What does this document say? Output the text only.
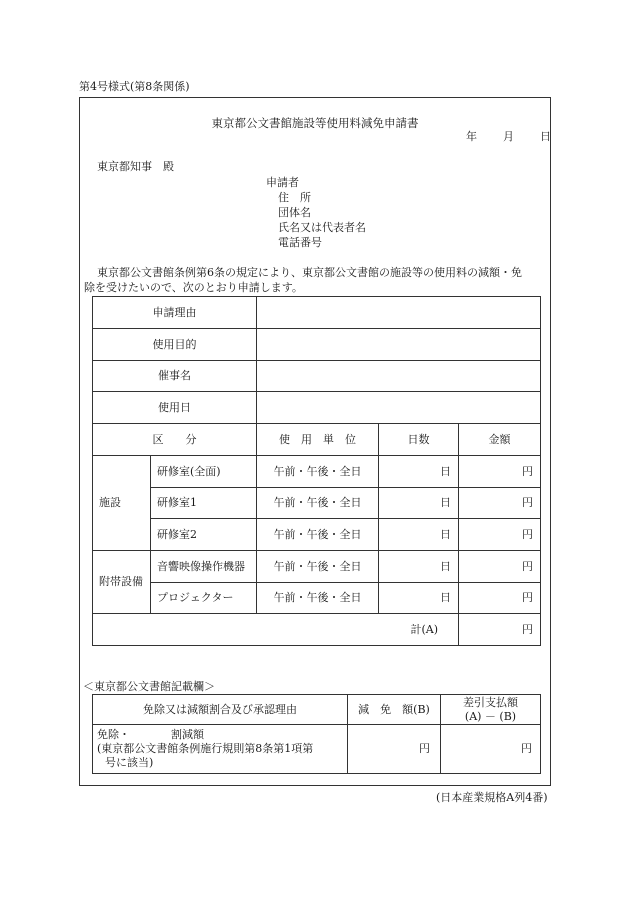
第4号様式(第8条関係)
東京都公文書館施設等使用料減免申請書
年 月 日
東京都知事　殿
申請者
住　所
団体名
氏名又は代表者名
電話番号
東京都公文書館条例第6条の規定により、東京都公文書館の施設等の使用料の減額・免
除を受けたいので、次のとおり申請します。
申請理由				
使用目的				
催事名				
使用日				
区　　分		使　用　単　位	日数	金額
施設	研修室(全面)	午前・午後・全日	日	円
	研修室1	午前・午後・全日	日	円
	研修室2	午前・午後・全日	日	円
附帯設備	音響映像操作機器	午前・午後・全日	日	円
	プロジェクター	午前・午後・全日	日	円
計(A)				円
＜東京都公文書館記載欄＞
免除又は減額割合及び承認理由	減　免　額(B)	差引支払額
(A) － (B)

免除・ 割減額
(東京都公文書館条例施行規則第8条第1項第
号に該当)	円	円
(日本産業規格A列4番)
